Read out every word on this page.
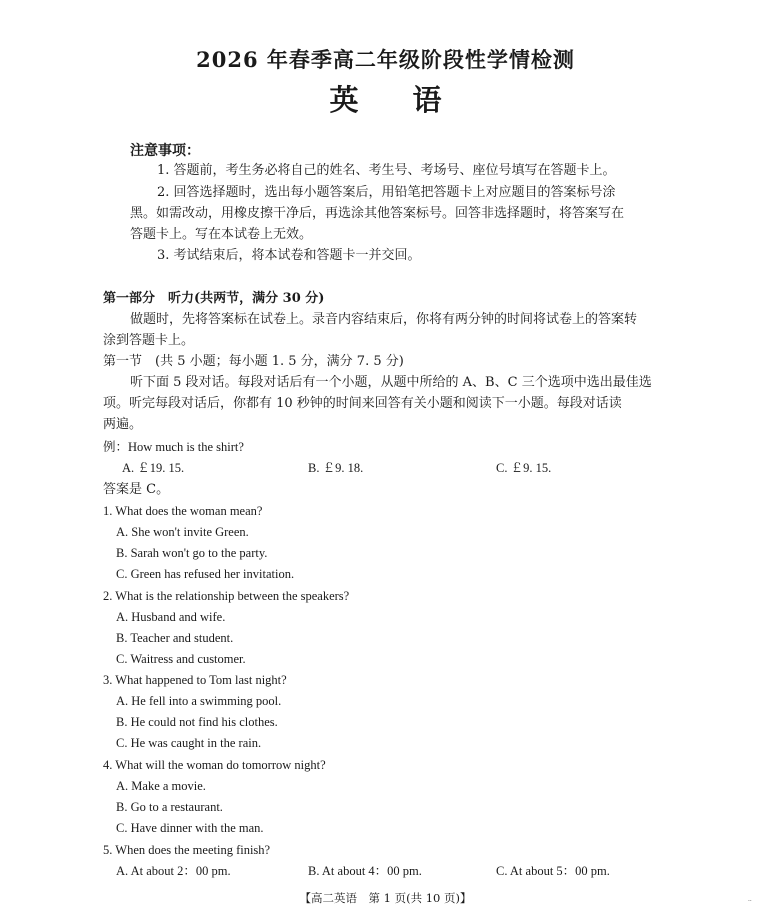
2026 年春季高二年级阶段性学情检测
英语
注意事项：
1. 答题前，考生务必将自己的姓名、考生号、考场号、座位号填写在答题卡上。
2. 回答选择题时，选出每小题答案后，用铅笔把答题卡上对应题目的答案标号涂
黑。如需改动，用橡皮擦干净后，再选涂其他答案标号。回答非选择题时，将答案写在
答题卡上。写在本试卷上无效。
3. 考试结束后，将本试卷和答题卡一并交回。
第一部分　听力(共两节，满分 30 分)
做题时，先将答案标在试卷上。录音内容结束后，你将有两分钟的时间将试卷上的答案转
涂到答题卡上。
第一节　(共 5 小题；每小题 1. 5 分，满分 7. 5 分)
听下面 5 段对话。每段对话后有一个小题，从题中所给的 A、B、C 三个选项中选出最佳选
项。听完每段对话后，你都有 10 秒钟的时间来回答有关小题和阅读下一小题。每段对话读
两遍。
例：How much is the shirt?
A. ￡19. 15.	B. ￡9. 18.	C. ￡9. 15.
答案是 C。
1. What does the woman mean?
A. She won't invite Green.
B. Sarah won't go to the party.
C. Green has refused her invitation.
2. What is the relationship between the speakers?
A. Husband and wife.
B. Teacher and student.
C. Waitress and customer.
3. What happened to Tom last night?
A. He fell into a swimming pool.
B. He could not find his clothes.
C. He was caught in the rain.
4. What will the woman do tomorrow night?
A. Make a movie.
B. Go to a restaurant.
C. Have dinner with the man.
5. When does the meeting finish?
A. At about 2：00 pm.	B. At about 4：00 pm.	C. At about 5：00 pm.
【高二英语　第 1 页(共 10 页)】	··
